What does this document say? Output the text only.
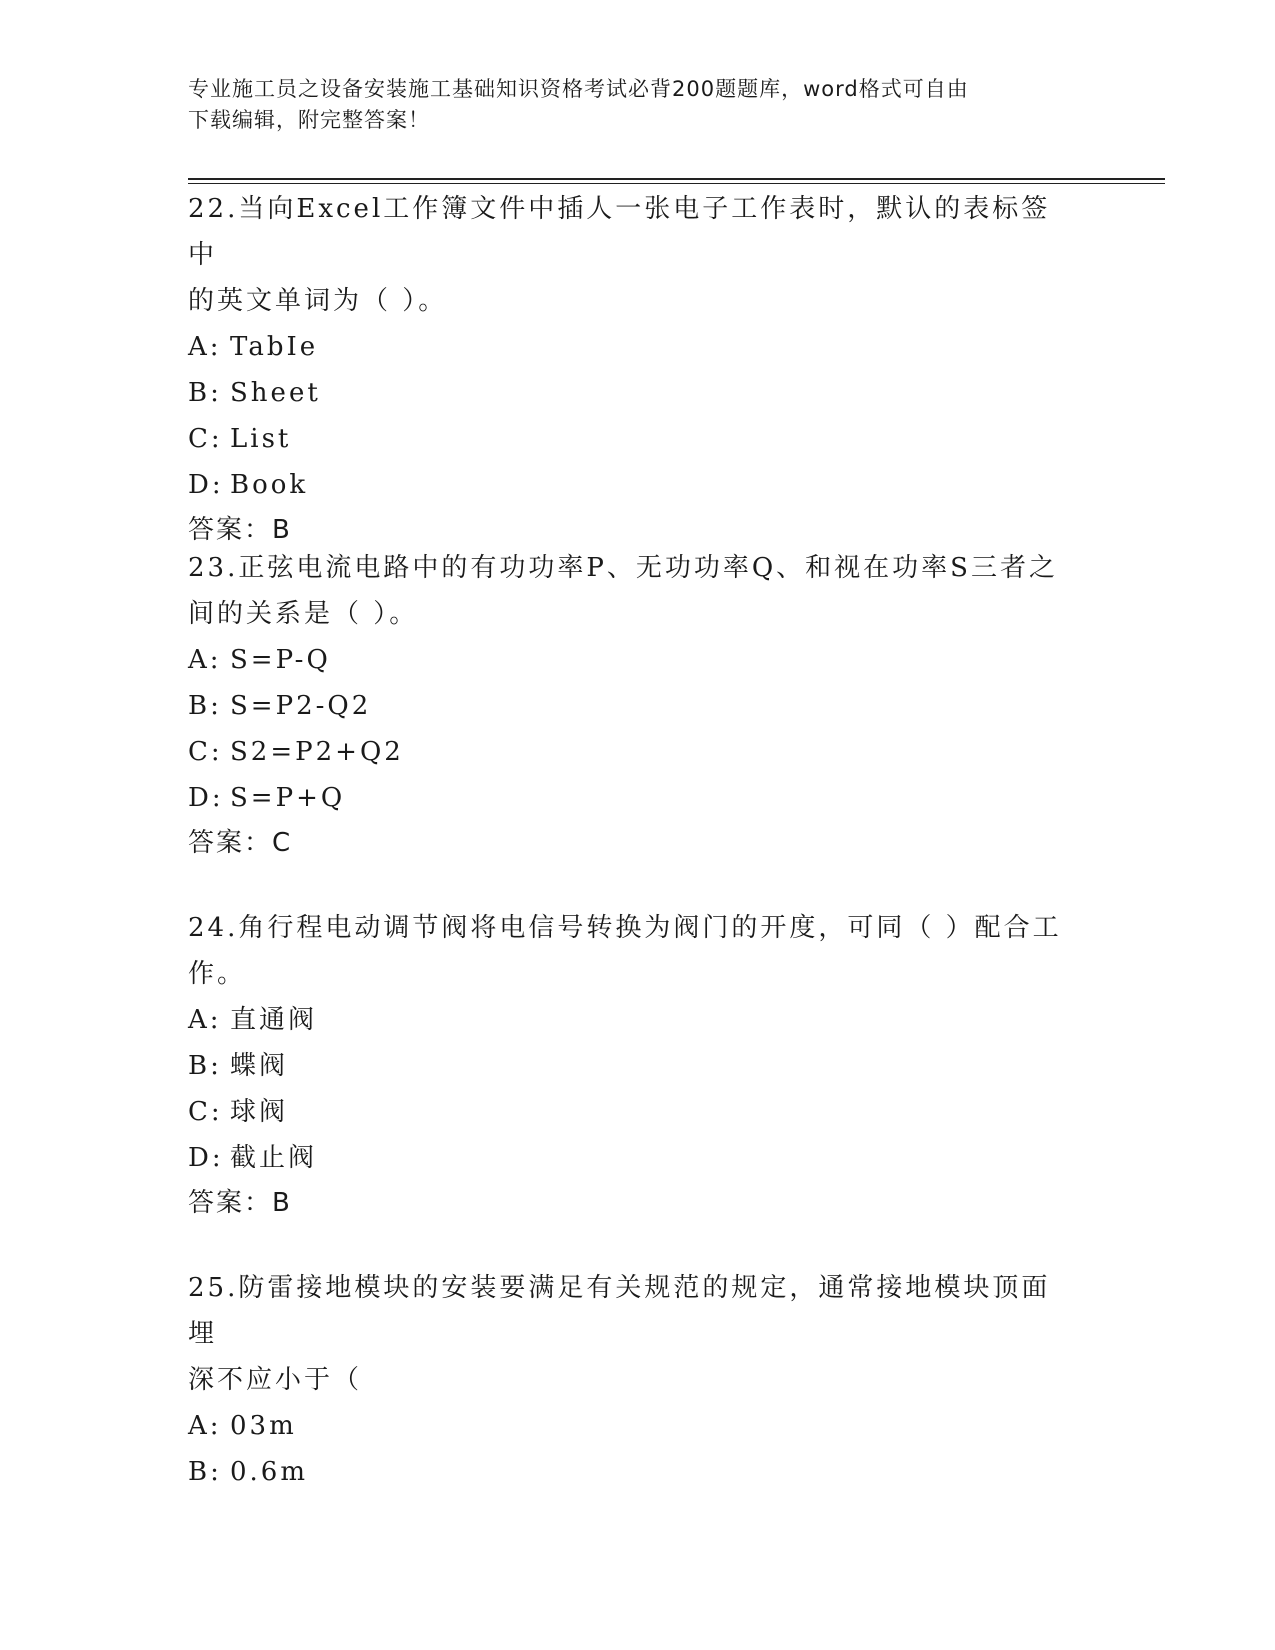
专业施工员之设备安装施工基础知识资格考试必背200题题库，word格式可自由
下载编辑，附完整答案！

22.当向Excel工作簿文件中插人一张电子工作表时，默认的表标签中

的英文单词为（ ）。

A: TabIe

B: Sheet

C: List

D: Book

答案：B

23.正弦电流电路中的有功功率P、无功功率Q、和视在功率S三者之

间的关系是（ ）。

A: S=P-Q

B: S=P2-Q2

C: S2=P2+Q2

D: S=P+Q

答案：C

24.角行程电动调节阀将电信号转换为阀门的开度，可同（ ）配合工

作。

A: 直通阀

B: 蝶阀

C: 球阀

D: 截止阀

答案：B

25.防雷接地模块的安装要满足有关规范的规定，通常接地模块顶面埋

深不应小于（

A: 03m

B: 0.6m
